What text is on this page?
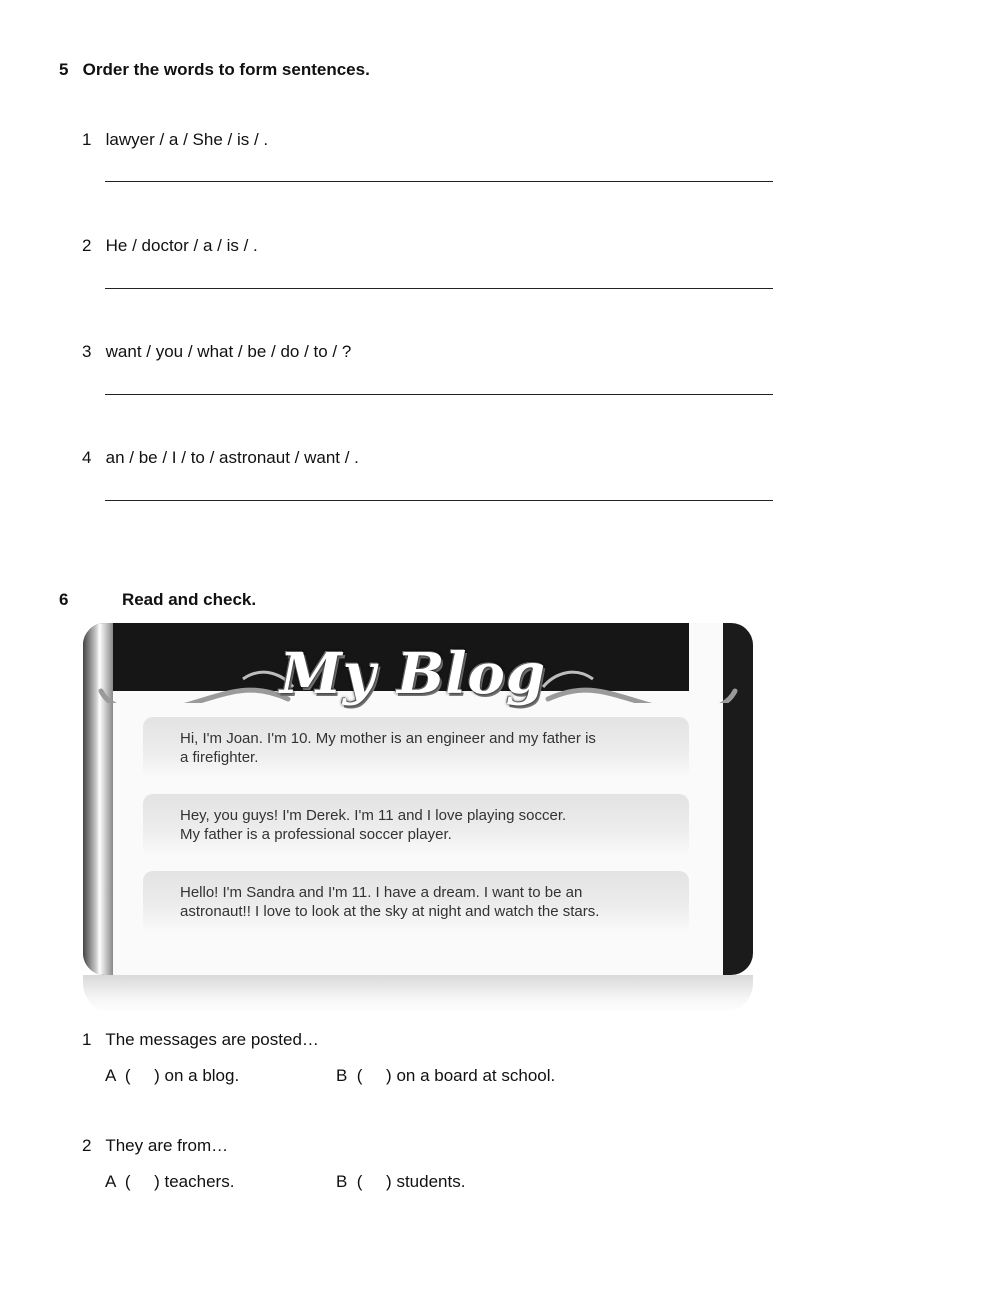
5 Order the words to form sentences.
1 lawyer / a / She / is / .
2 He / doctor / a / is / .
3 want / you / what / be / do / to / ?
4 an / be / I / to / astronaut / want / .
6	Read and check.
My Blog
Hi, I'm Joan. I'm 10. My mother is an engineer and my father is
a firefighter.
Hey, you guys! I'm Derek. I'm 11 and I love playing soccer.
My father is a professional soccer player.
Hello! I'm Sandra and I'm 11. I have a dream. I want to be an
astronaut!! I love to look at the sky at night and watch the stars.
1 The messages are posted…
A  (     ) on a blog.	B  (     ) on a board at school.
2 They are from…
A  (     ) teachers.	B  (     ) students.
